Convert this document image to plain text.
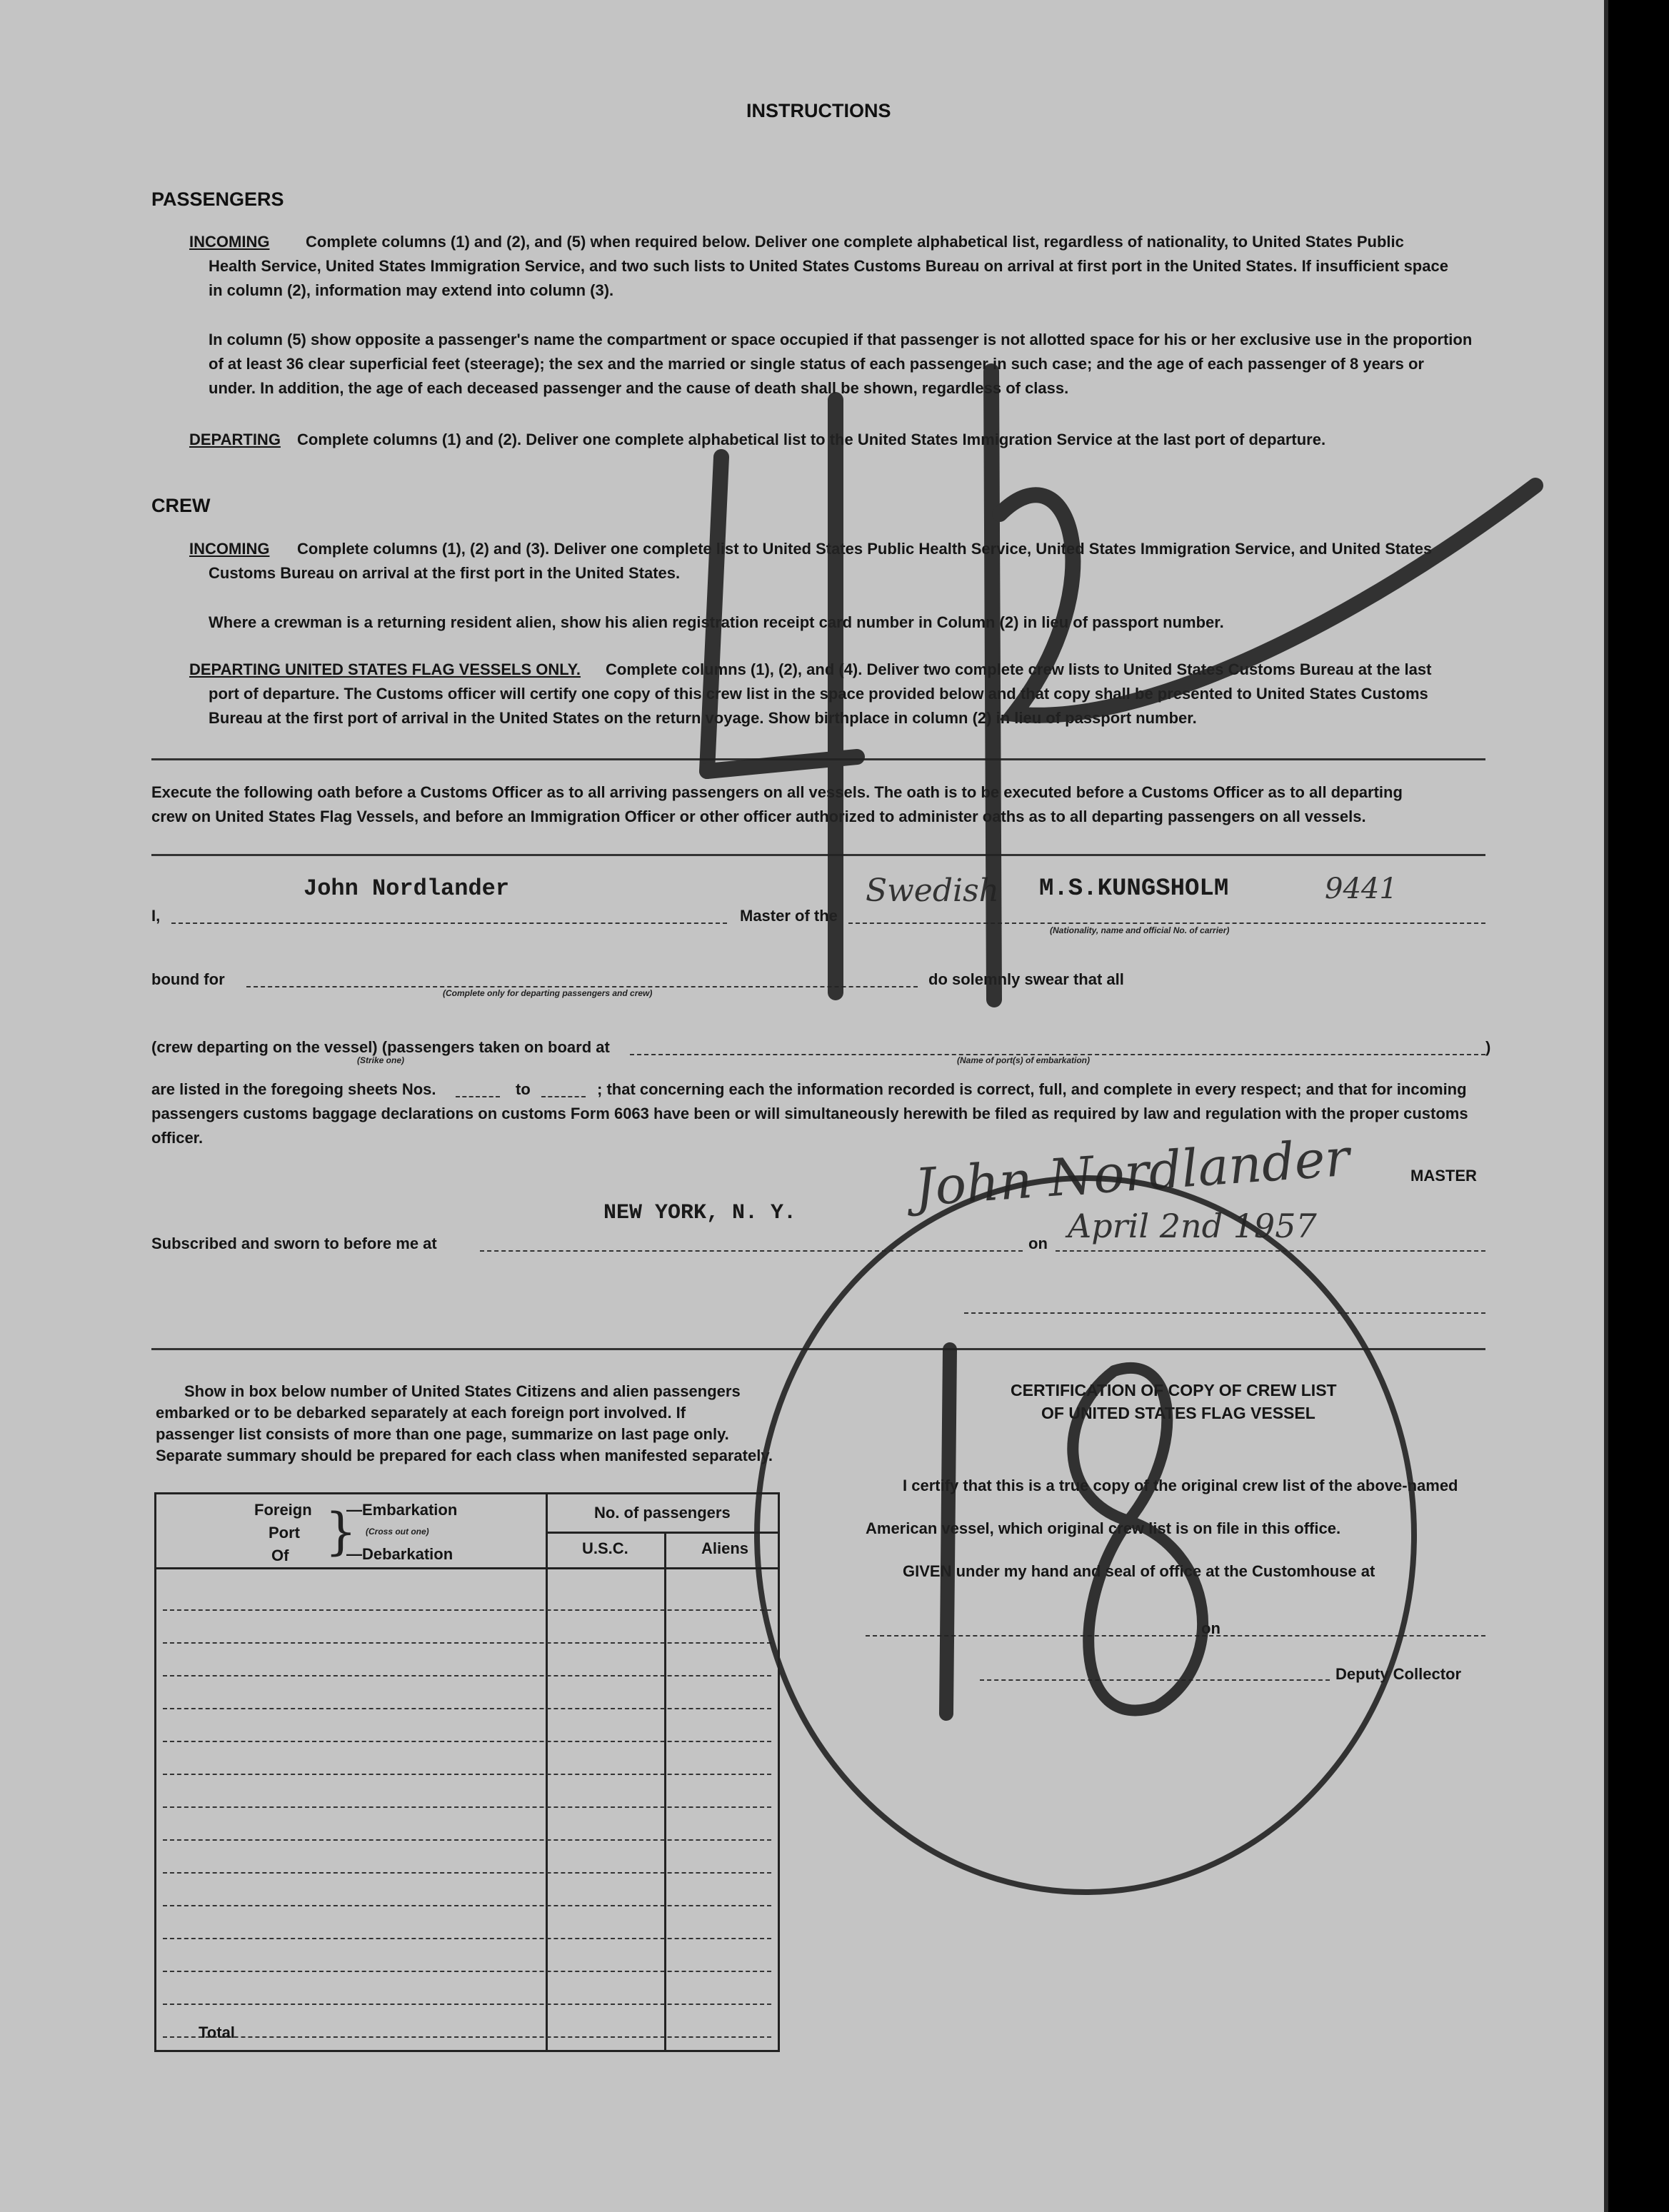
INSTRUCTIONS
PASSENGERS
INCOMING Complete columns (1) and (2), and (5) when required below. Deliver one complete alphabetical list, regardless of nationality, to United States Public
Health Service, United States Immigration Service, and two such lists to United States Customs Bureau on arrival at first port in the United States. If insufficient space
in column (2), information may extend into column (3).
In column (5) show opposite a passenger's name the compartment or space occupied if that passenger is not allotted space for his or her exclusive use in the proportion
of at least 36 clear superficial feet (steerage); the sex and the married or single status of each passenger in such case; and the age of each passenger of 8 years or
under. In addition, the age of each deceased passenger and the cause of death shall be shown, regardless of class.
DEPARTING Complete columns (1) and (2). Deliver one complete alphabetical list to the United States Immigration Service at the last port of departure.
CREW
INCOMING Complete columns (1), (2) and (3). Deliver one complete list to United States Public Health Service, United States Immigration Service, and United States
Customs Bureau on arrival at the first port in the United States.
Where a crewman is a returning resident alien, show his alien registration receipt card number in Column (2) in lieu of passport number.
DEPARTING UNITED STATES FLAG VESSELS ONLY. Complete columns (1), (2), and (4). Deliver two complete crew lists to United States Customs Bureau at the last
port of departure. The Customs officer will certify one copy of this crew list in the space provided below and that copy shall be presented to United States Customs
Bureau at the first port of arrival in the United States on the return voyage. Show birthplace in column (2) in lieu of passport number.
Execute the following oath before a Customs Officer as to all arriving passengers on all vessels. The oath is to be executed before a Customs Officer as to all departing
crew on United States Flag Vessels, and before an Immigration Officer or other officer authorized to administer oaths as to all departing passengers on all vessels.
I,
John Nordlander
Master of the
Swedish M.S.KUNGSHOLM	9441
(Nationality, name and official No. of carrier)
bound for
(Complete only for departing passengers and crew)
do solemnly swear that all
(crew departing on the vessel) (passengers taken on board at	)
(Strike one)	(Name of port(s) of embarkation)
are listed in the foregoing sheets Nos.	to	; that concerning each the information recorded is correct, full, and complete in every respect; and that for incoming
passengers customs baggage declarations on customs Form 6063 have been or will simultaneously herewith be filed as required by law and regulation with the proper customs
officer.	John Nordlander	MASTER
Subscribed and sworn to before me at
NEW YORK, N. Y.
on April 2nd 1957
Show in box below number of United States Citizens and alien passengers
embarked or to be debarked separately at each foreign port involved. If
passenger list consists of more than one page, summarize on last page only.
Separate summary should be prepared for each class when manifested separately.
Foreign
Port
Of }
—Embarkation
(Cross out one)
—Debarkation
No. of passengers
U.S.C.	Aliens
Total
CERTIFICATION OF COPY OF CREW LIST
OF UNITED STATES FLAG VESSEL
I certify that this is a true copy of the original crew list of the above-named
American vessel, which original crew list is on file in this office.
GIVEN under my hand and seal of office at the Customhouse at
on
Deputy Collector
